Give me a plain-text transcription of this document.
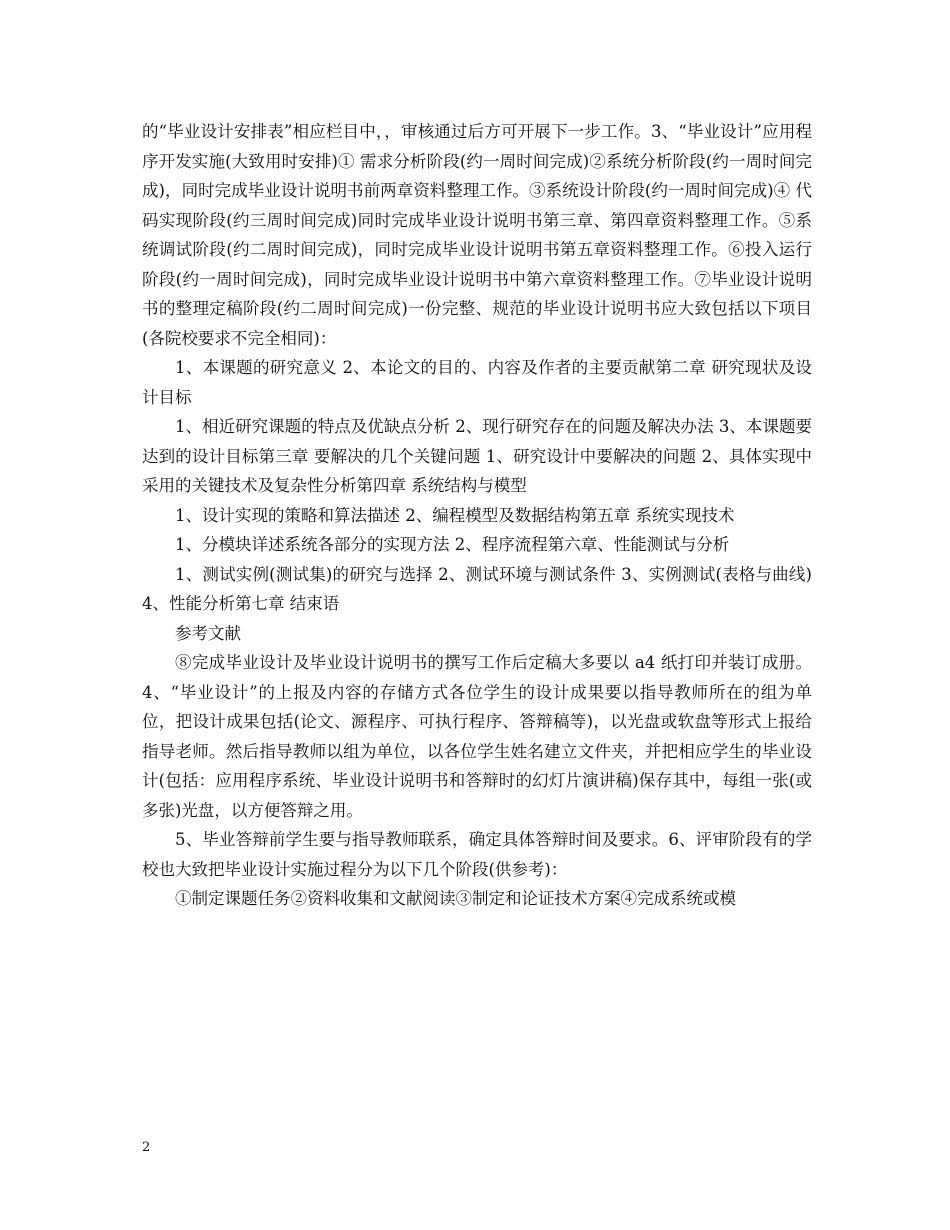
的“毕业设计安排表”相应栏目中，，审核通过后方可开展下一步工作。3、“毕业设计”应用程序开发实施(大致用时安排)① 需求分析阶段(约一周时间完成)②系统分析阶段(约一周时间完成)，同时完成毕业设计说明书前两章资料整理工作。③系统设计阶段(约一周时间完成)④ 代码实现阶段(约三周时间完成)同时完成毕业设计说明书第三章、第四章资料整理工作。⑤系统调试阶段(约二周时间完成)，同时完成毕业设计说明书第五章资料整理工作。⑥投入运行阶段(约一周时间完成)，同时完成毕业设计说明书中第六章资料整理工作。⑦毕业设计说明书的整理定稿阶段(约二周时间完成)一份完整、规范的毕业设计说明书应大致包括以下项目(各院校要求不完全相同)：

1、本课题的研究意义 2、本论文的目的、内容及作者的主要贡献第二章 研究现状及设计目标

1、相近研究课题的特点及优缺点分析 2、现行研究存在的问题及解决办法 3、本课题要达到的设计目标第三章 要解决的几个关键问题 1、研究设计中要解决的问题 2、具体实现中采用的关键技术及复杂性分析第四章 系统结构与模型

1、设计实现的策略和算法描述 2、编程模型及数据结构第五章 系统实现技术

1、分模块详述系统各部分的实现方法 2、程序流程第六章、性能测试与分析

1、测试实例(测试集)的研究与选择 2、测试环境与测试条件 3、实例测试(表格与曲线)4、性能分析第七章 结束语

参考文献

⑧完成毕业设计及毕业设计说明书的撰写工作后定稿大多要以 a4 纸打印并装订成册。4、“毕业设计”的上报及内容的存储方式各位学生的设计成果要以指导教师所在的组为单位，把设计成果包括(论文、源程序、可执行程序、答辩稿等)，以光盘或软盘等形式上报给指导老师。然后指导教师以组为单位，以各位学生姓名建立文件夹，并把相应学生的毕业设计(包括：应用程序系统、毕业设计说明书和答辩时的幻灯片演讲稿)保存其中，每组一张(或多张)光盘，以方便答辩之用。

5、毕业答辩前学生要与指导教师联系，确定具体答辩时间及要求。6、评审阶段有的学校也大致把毕业设计实施过程分为以下几个阶段(供参考)：

①制定课题任务②资料收集和文献阅读③制定和论证技术方案④完成系统或模

2
